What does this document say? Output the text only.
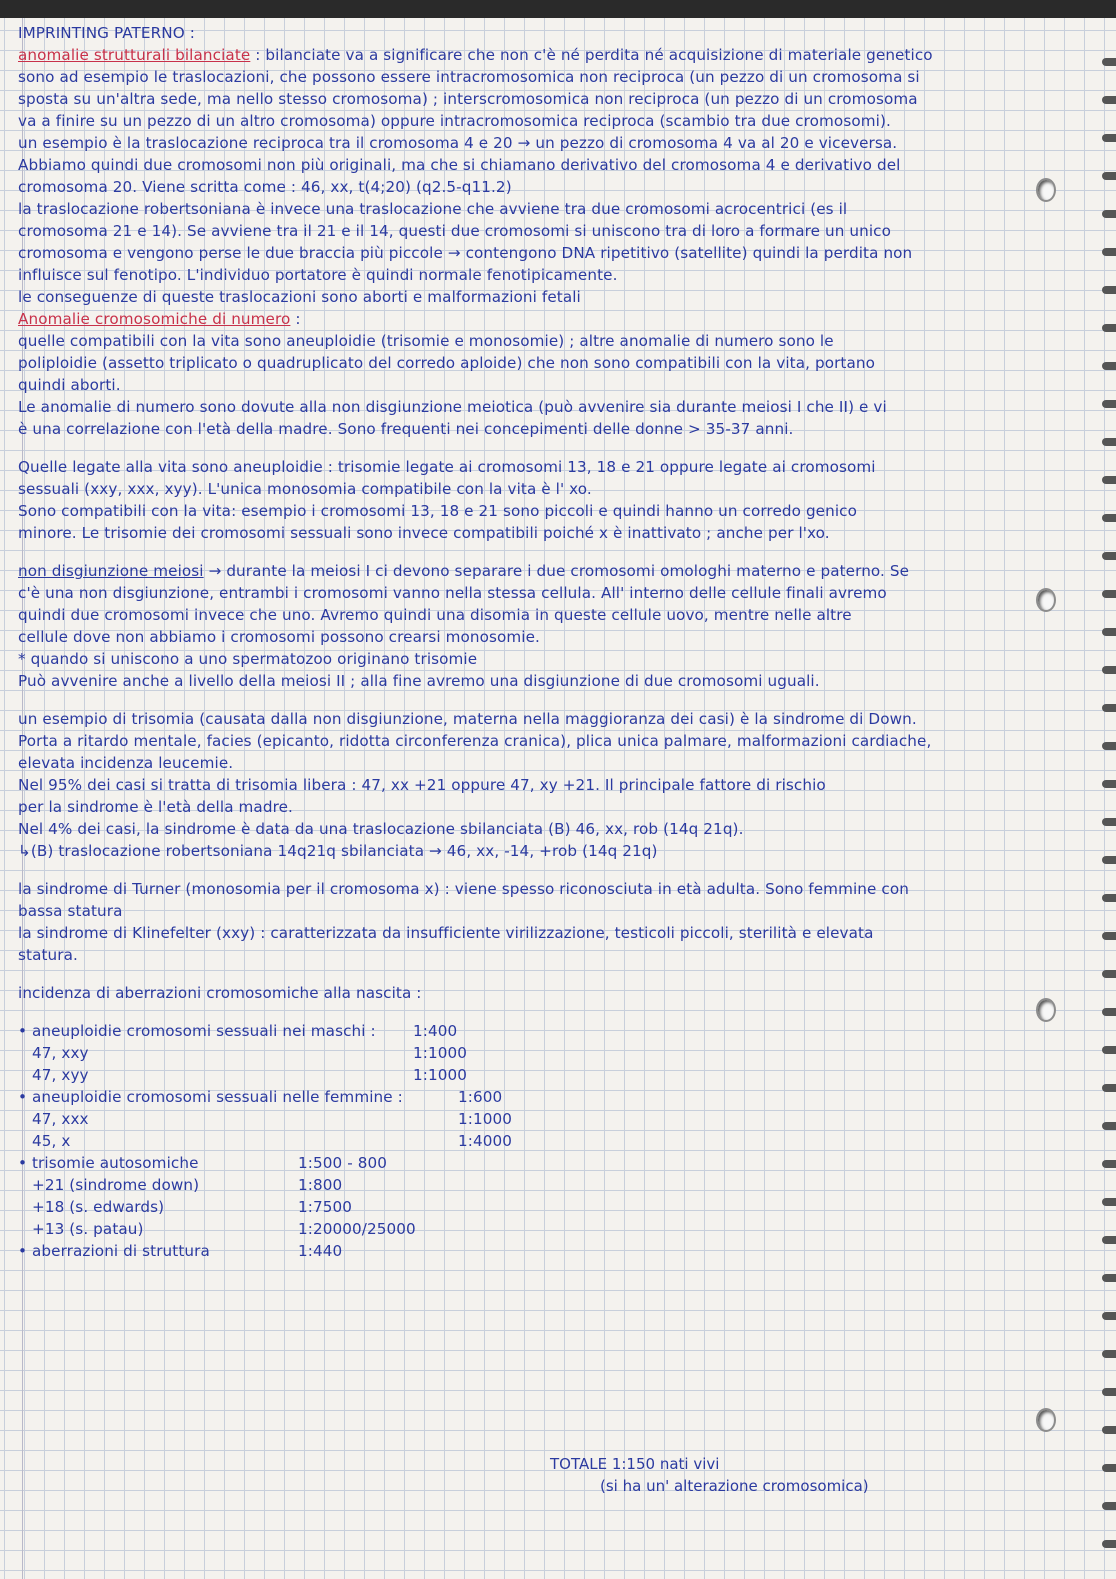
IMPRINTING PATERNO :
anomalie strutturali bilanciate : bilanciate va a significare che non c'è né perdita né acquisizione di materiale genetico
sono ad esempio le traslocazioni, che possono essere intracromosomica non reciproca (un pezzo di un cromosoma si
sposta su un'altra sede, ma nello stesso cromosoma) ; interscromosomica non reciproca (un pezzo di un cromosoma
va a finire su un pezzo di un altro cromosoma) oppure intracromosomica reciproca (scambio tra due cromosomi).
un esempio è la traslocazione reciproca tra il cromosoma 4 e 20 → un pezzo di cromosoma 4 va al 20 e viceversa.
Abbiamo quindi due cromosomi non più originali, ma che si chiamano derivativo del cromosoma 4 e derivativo del
cromosoma 20. Viene scritta come : 46, xx, t(4;20) (q2.5-q11.2)
la traslocazione robertsoniana è invece una traslocazione che avviene tra due cromosomi acrocentrici (es il
cromosoma 21 e 14). Se avviene tra il 21 e il 14, questi due cromosomi si uniscono tra di loro a formare un unico
cromosoma e vengono perse le due braccia più piccole → contengono DNA ripetitivo (satellite) quindi la perdita non
influisce sul fenotipo. L'individuo portatore è quindi normale fenotipicamente.
le conseguenze di queste traslocazioni sono aborti e malformazioni fetali
Anomalie cromosomiche di numero :
quelle compatibili con la vita sono aneuploidie (trisomie e monosomie) ; altre anomalie di numero sono le
poliploidie (assetto triplicato o quadruplicato del corredo aploide) che non sono compatibili con la vita, portano
quindi aborti.
Le anomalie di numero sono dovute alla non disgiunzione meiotica (può avvenire sia durante meiosi I che II) e vi
è una correlazione con l'età della madre. Sono frequenti nei concepimenti delle donne > 35-37 anni.
Quelle legate alla vita sono aneuploidie : trisomie legate ai cromosomi 13, 18 e 21 oppure legate ai cromosomi
sessuali (xxy, xxx, xyy). L'unica monosomia compatibile con la vita è l' xo.
Sono compatibili con la vita: esempio i cromosomi 13, 18 e 21 sono piccoli e quindi hanno un corredo genico
minore. Le trisomie dei cromosomi sessuali sono invece compatibili poiché x è inattivato ; anche per l'xo.
non disgiunzione meiosi → durante la meiosi I ci devono separare i due cromosomi omologhi materno e paterno. Se
c'è una non disgiunzione, entrambi i cromosomi vanno nella stessa cellula. All' interno delle cellule finali avremo
quindi due cromosomi invece che uno. Avremo quindi una disomia in queste cellule uovo, mentre nelle altre
cellule dove non abbiamo i cromosomi possono crearsi monosomie.
* quando si uniscono a uno spermatozoo originano trisomie
Può avvenire anche a livello della meiosi II ; alla fine avremo una disgiunzione di due cromosomi uguali.
un esempio di trisomia (causata dalla non disgiunzione, materna nella maggioranza dei casi) è la sindrome di Down.
Porta a ritardo mentale, facies (epicanto, ridotta circonferenza cranica), plica unica palmare, malformazioni cardiache,
elevata incidenza leucemie.
Nel 95% dei casi si tratta di trisomia libera : 47, xx +21 oppure 47, xy +21. Il principale fattore di rischio
per la sindrome è l'età della madre.
Nel 4% dei casi, la sindrome è data da una traslocazione sbilanciata (B) 46, xx, rob (14q 21q).
↳(B) traslocazione robertsoniana 14q21q sbilanciata → 46, xx, -14, +rob (14q 21q)
la sindrome di Turner (monosomia per il cromosoma x) : viene spesso riconosciuta in età adulta. Sono femmine con
bassa statura
la sindrome di Klinefelter (xxy) : caratterizzata da insufficiente virilizzazione, testicoli piccoli, sterilità e elevata
statura.
incidenza di aberrazioni cromosomiche alla nascita :
• aneuploidie cromosomi sessuali nei maschi : 1:400
47, xxy	1:1000
47, xyy	1:1000
• aneuploidie cromosomi sessuali nelle femmine :	1:600
47, xxx	1:1000
45, x	1:4000
• trisomie autosomiche	1:500 - 800
+21 (sindrome down)	1:800
+18 (s. edwards)	1:7500
+13 (s. patau)	1:20000/25000
• aberrazioni di struttura	1:440
TOTALE 1:150 nati vivi
(si ha un' alterazione cromosomica)
